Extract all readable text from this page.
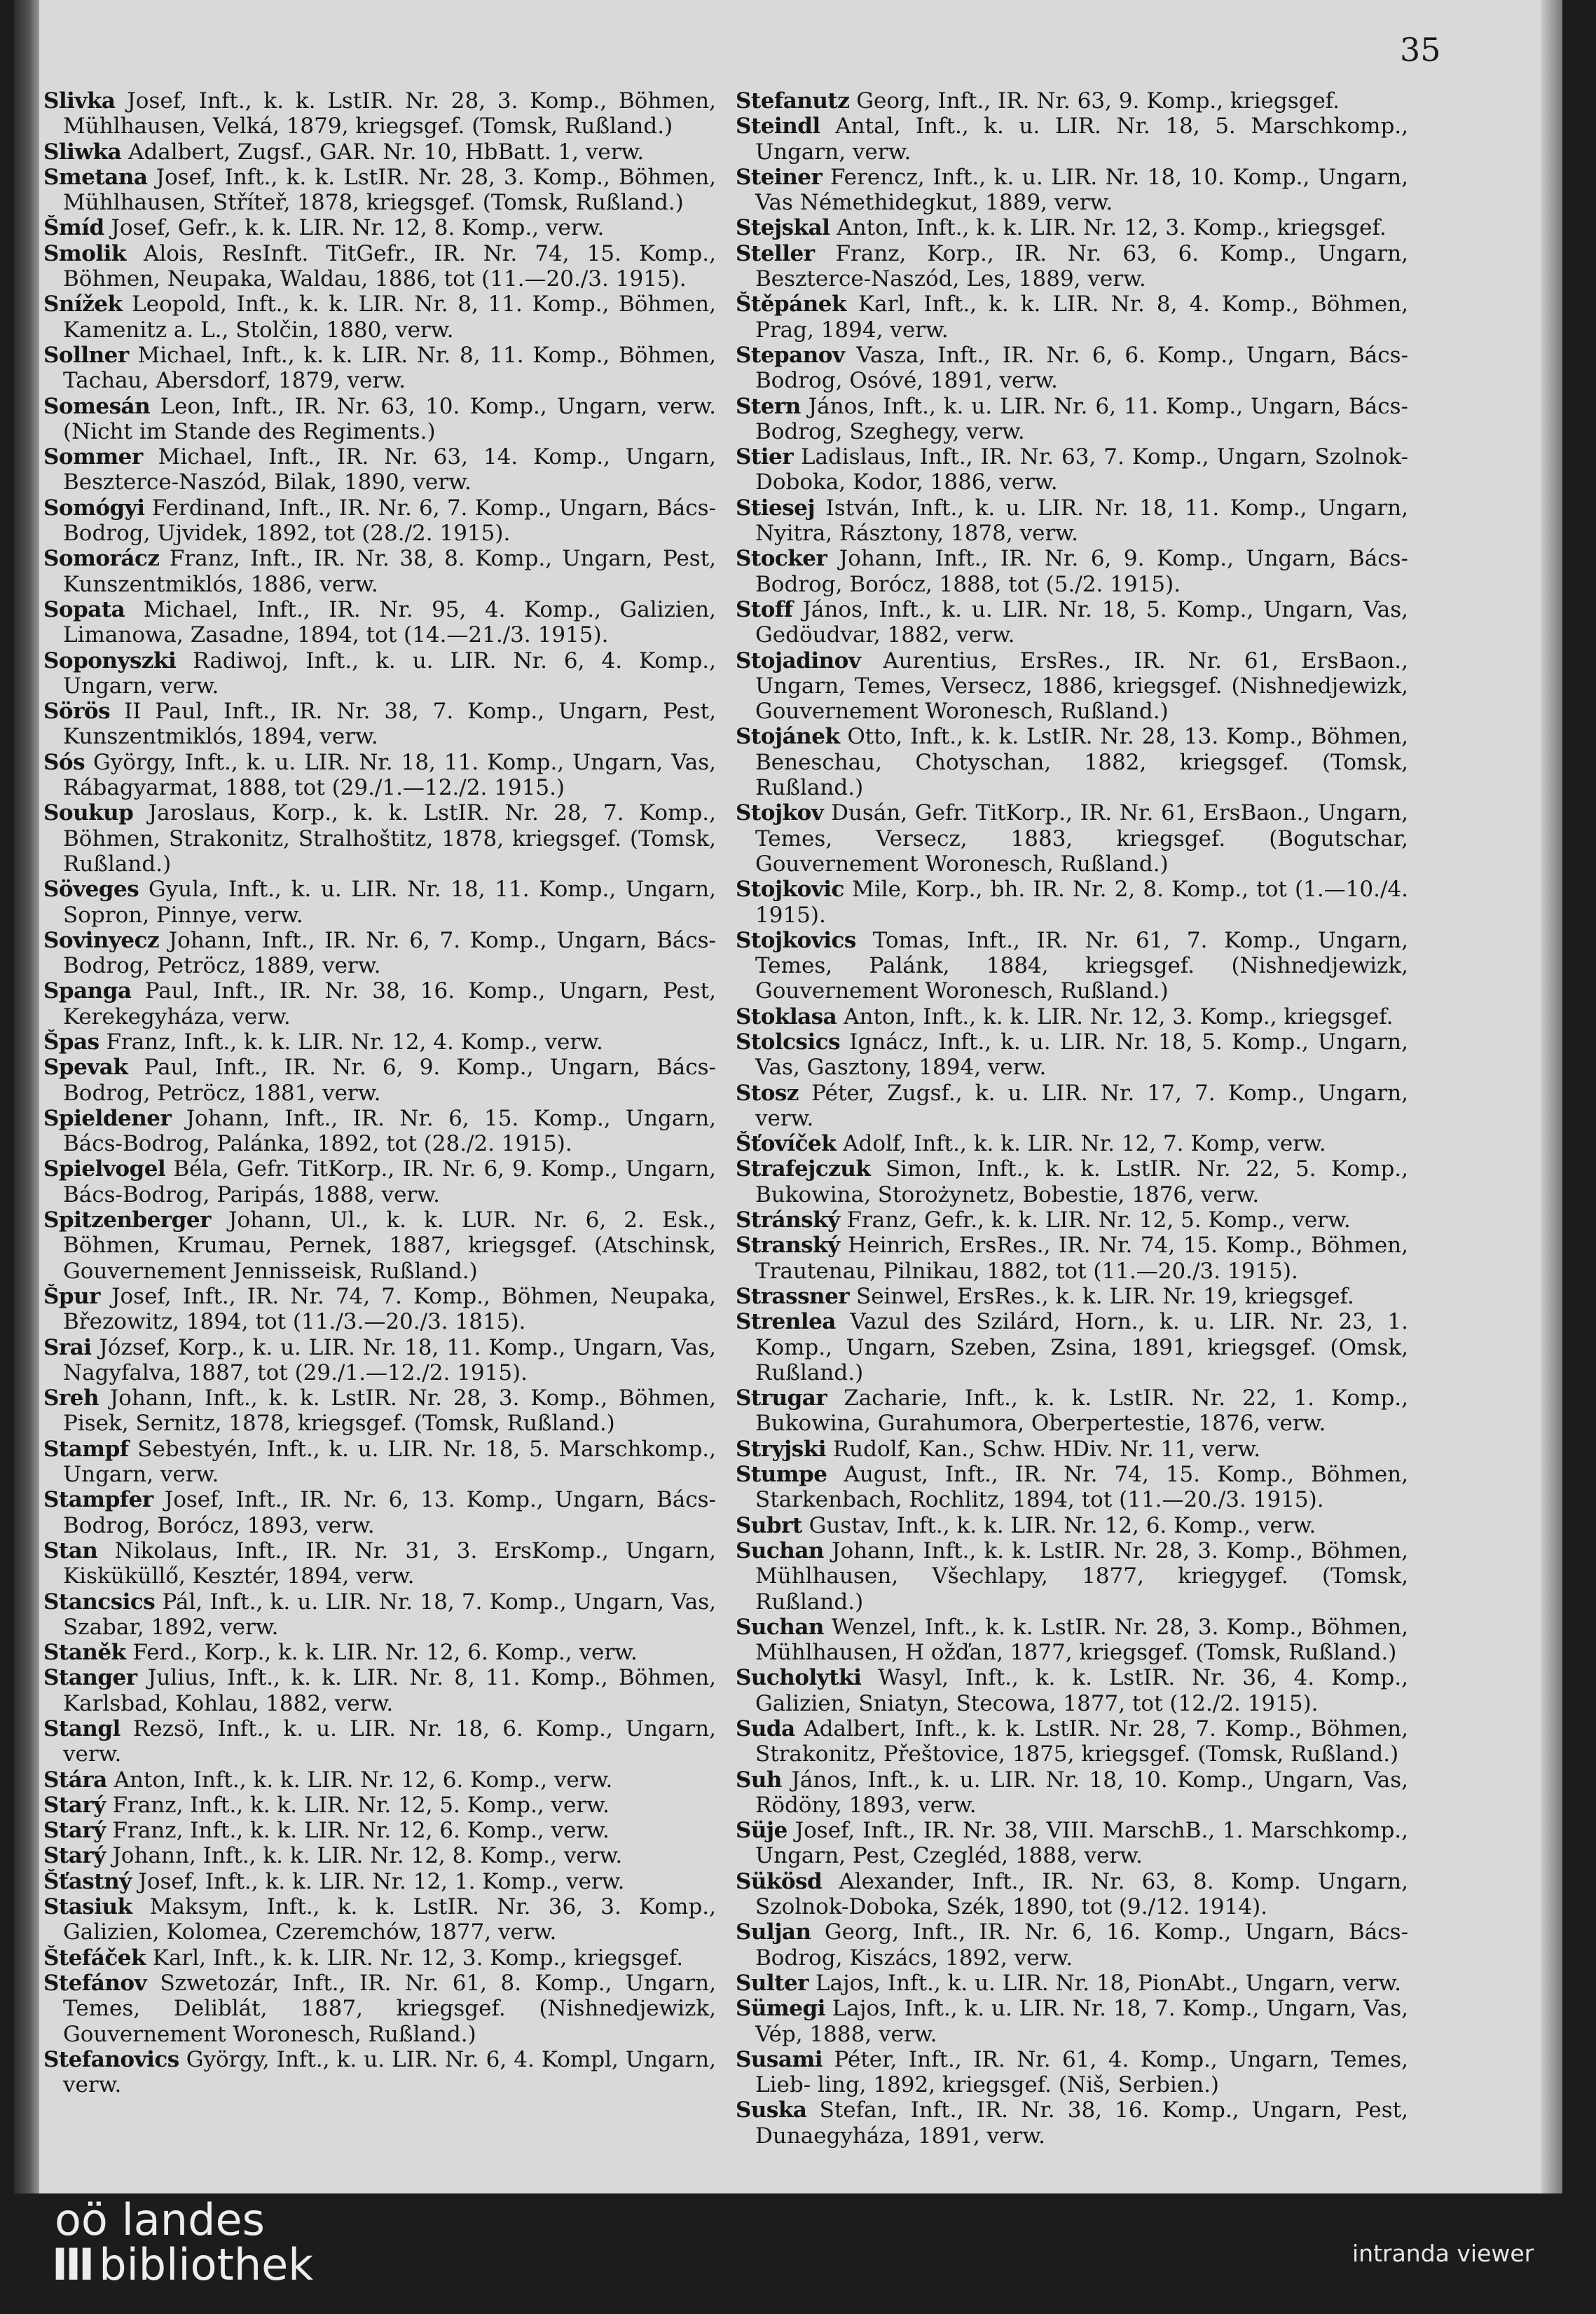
35

Slivka Josef, Inft., k. k. LstIR. Nr. 28, 3. Komp., Böhmen, Mühlhausen, Velká, 1879, kriegsgef. (Tomsk, Rußland.)

Sliwka Adalbert, Zugsf., GAR. Nr. 10, HbBatt. 1, verw.

Smetana Josef, Inft., k. k. LstIR. Nr. 28, 3. Komp., Böhmen, Mühlhausen, Stříteř, 1878, kriegsgef. (Tomsk, Rußland.)

Šmíd Josef, Gefr., k. k. LIR. Nr. 12, 8. Komp., verw.

Smolik Alois, ResInft. TitGefr., IR. Nr. 74, 15. Komp., Böhmen, Neupaka, Waldau, 1886, tot (11.—20./3. 1915).

Snížek Leopold, Inft., k. k. LIR. Nr. 8, 11. Komp., Böhmen, Kamenitz a. L., Stolčin, 1880, verw.

Sollner Michael, Inft., k. k. LIR. Nr. 8, 11. Komp., Böhmen, Tachau, Abersdorf, 1879, verw.

Somesán Leon, Inft., IR. Nr. 63, 10. Komp., Ungarn, verw. (Nicht im Stande des Regiments.)

Sommer Michael, Inft., IR. Nr. 63, 14. Komp., Ungarn, Beszterce-Naszód, Bilak, 1890, verw.

Somógyi Ferdinand, Inft., IR. Nr. 6, 7. Komp., Ungarn, Bács-Bodrog, Ujvidek, 1892, tot (28./2. 1915).

Somorácz Franz, Inft., IR. Nr. 38, 8. Komp., Ungarn, Pest, Kunszentmiklós, 1886, verw.

Sopata Michael, Inft., IR. Nr. 95, 4. Komp., Galizien, Limanowa, Zasadne, 1894, tot (14.—21./3. 1915).

Soponyszki Radiwoj, Inft., k. u. LIR. Nr. 6, 4. Komp., Ungarn, verw.

Sörös II Paul, Inft., IR. Nr. 38, 7. Komp., Ungarn, Pest, Kunszentmiklós, 1894, verw.

Sós György, Inft., k. u. LIR. Nr. 18, 11. Komp., Ungarn, Vas, Rábagyarmat, 1888, tot (29./1.—12./2. 1915.)

Soukup Jaroslaus, Korp., k. k. LstIR. Nr. 28, 7. Komp., Böhmen, Strakonitz, Stralhoštitz, 1878, kriegsgef. (Tomsk, Rußland.)

Söveges Gyula, Inft., k. u. LIR. Nr. 18, 11. Komp., Ungarn, Sopron, Pinnye, verw.

Sovinyecz Johann, Inft., IR. Nr. 6, 7. Komp., Ungarn, Bács-Bodrog, Petröcz, 1889, verw.

Spanga Paul, Inft., IR. Nr. 38, 16. Komp., Ungarn, Pest, Kerekegyháza, verw.

Špas Franz, Inft., k. k. LIR. Nr. 12, 4. Komp., verw.

Spevak Paul, Inft., IR. Nr. 6, 9. Komp., Ungarn, Bács-Bodrog, Petröcz, 1881, verw.

Spieldener Johann, Inft., IR. Nr. 6, 15. Komp., Ungarn, Bács-Bodrog, Palánka, 1892, tot (28./2. 1915).

Spielvogel Béla, Gefr. TitKorp., IR. Nr. 6, 9. Komp., Ungarn, Bács-Bodrog, Paripás, 1888, verw.

Spitzenberger Johann, Ul., k. k. LUR. Nr. 6, 2. Esk., Böhmen, Krumau, Pernek, 1887, kriegsgef. (Atschinsk, Gouvernement Jennisseisk, Rußland.)

Špur Josef, Inft., IR. Nr. 74, 7. Komp., Böhmen, Neupaka, Březowitz, 1894, tot (11./3.—20./3. 1815).

Srai József, Korp., k. u. LIR. Nr. 18, 11. Komp., Ungarn, Vas, Nagyfalva, 1887, tot (29./1.—12./2. 1915).

Sreh Johann, Inft., k. k. LstIR. Nr. 28, 3. Komp., Böhmen, Pisek, Sernitz, 1878, kriegsgef. (Tomsk, Rußland.)

Stampf Sebestyén, Inft., k. u. LIR. Nr. 18, 5. Marschkomp., Ungarn, verw.

Stampfer Josef, Inft., IR. Nr. 6, 13. Komp., Ungarn, Bács-Bodrog, Borócz, 1893, verw.

Stan Nikolaus, Inft., IR. Nr. 31, 3. ErsKomp., Ungarn, Kisküküllő, Kesztér, 1894, verw.

Stancsics Pál, Inft., k. u. LIR. Nr. 18, 7. Komp., Ungarn, Vas, Szabar, 1892, verw.

Staněk Ferd., Korp., k. k. LIR. Nr. 12, 6. Komp., verw.

Stanger Julius, Inft., k. k. LIR. Nr. 8, 11. Komp., Böhmen, Karlsbad, Kohlau, 1882, verw.

Stangl Rezsö, Inft., k. u. LIR. Nr. 18, 6. Komp., Ungarn, verw.

Stára Anton, Inft., k. k. LIR. Nr. 12, 6. Komp., verw.

Starý Franz, Inft., k. k. LIR. Nr. 12, 5. Komp., verw.

Starý Franz, Inft., k. k. LIR. Nr. 12, 6. Komp., verw.

Starý Johann, Inft., k. k. LIR. Nr. 12, 8. Komp., verw.

Šťastný Josef, Inft., k. k. LIR. Nr. 12, 1. Komp., verw.

Stasiuk Maksym, Inft., k. k. LstIR. Nr. 36, 3. Komp., Galizien, Kolomea, Czeremchów, 1877, verw.

Štefáček Karl, Inft., k. k. LIR. Nr. 12, 3. Komp., kriegsgef.

Stefánov Szwetozár, Inft., IR. Nr. 61, 8. Komp., Ungarn, Temes, Deliblát, 1887, kriegsgef. (Nishnedjewizk, Gouvernement Woronesch, Rußland.)

Stefanovics György, Inft., k. u. LIR. Nr. 6, 4. Kompl, Ungarn, verw.

Stefanutz Georg, Inft., IR. Nr. 63, 9. Komp., kriegsgef.

Steindl Antal, Inft., k. u. LIR. Nr. 18, 5. Marschkomp., Ungarn, verw.

Steiner Ferencz, Inft., k. u. LIR. Nr. 18, 10. Komp., Ungarn, Vas Némethidegkut, 1889, verw.

Stejskal Anton, Inft., k. k. LIR. Nr. 12, 3. Komp., kriegsgef.

Steller Franz, Korp., IR. Nr. 63, 6. Komp., Ungarn, Beszterce-Naszód, Les, 1889, verw.

Štěpánek Karl, Inft., k. k. LIR. Nr. 8, 4. Komp., Böhmen, Prag, 1894, verw.

Stepanov Vasza, Inft., IR. Nr. 6, 6. Komp., Ungarn, Bács-Bodrog, Osóvé, 1891, verw.

Stern János, Inft., k. u. LIR. Nr. 6, 11. Komp., Ungarn, Bács-Bodrog, Szeghegy, verw.

Stier Ladislaus, Inft., IR. Nr. 63, 7. Komp., Ungarn, Szolnok-Doboka, Kodor, 1886, verw.

Stiesej István, Inft., k. u. LIR. Nr. 18, 11. Komp., Ungarn, Nyitra, Rásztony, 1878, verw.

Stocker Johann, Inft., IR. Nr. 6, 9. Komp., Ungarn, Bács-Bodrog, Borócz, 1888, tot (5./2. 1915).

Stoff János, Inft., k. u. LIR. Nr. 18, 5. Komp., Ungarn, Vas, Gedöudvar, 1882, verw.

Stojadinov Aurentius, ErsRes., IR. Nr. 61, ErsBaon., Ungarn, Temes, Versecz, 1886, kriegsgef. (Nishnedjewizk, Gouvernement Woronesch, Rußland.)

Stojánek Otto, Inft., k. k. LstIR. Nr. 28, 13. Komp., Böhmen, Beneschau, Chotyschan, 1882, kriegsgef. (Tomsk, Rußland.)

Stojkov Dusán, Gefr. TitKorp., IR. Nr. 61, ErsBaon., Ungarn, Temes, Versecz, 1883, kriegsgef. (Bogutschar, Gouvernement Woronesch, Rußland.)

Stojkovic Mile, Korp., bh. IR. Nr. 2, 8. Komp., tot (1.—10./4. 1915).

Stojkovics Tomas, Inft., IR. Nr. 61, 7. Komp., Ungarn, Temes, Palánk, 1884, kriegsgef. (Nishnedjewizk, Gouvernement Woronesch, Rußland.)

Stoklasa Anton, Inft., k. k. LIR. Nr. 12, 3. Komp., kriegsgef.

Stolcsics Ignácz, Inft., k. u. LIR. Nr. 18, 5. Komp., Ungarn, Vas, Gasztony, 1894, verw.

Stosz Péter, Zugsf., k. u. LIR. Nr. 17, 7. Komp., Ungarn, verw.

Šťovíček Adolf, Inft., k. k. LIR. Nr. 12, 7. Komp, verw.

Strafejczuk Simon, Inft., k. k. LstIR. Nr. 22, 5. Komp., Bukowina, Storożynetz, Bobestie, 1876, verw.

Stránský Franz, Gefr., k. k. LIR. Nr. 12, 5. Komp., verw.

Stranský Heinrich, ErsRes., IR. Nr. 74, 15. Komp., Böhmen, Trautenau, Pilnikau, 1882, tot (11.—20./3. 1915).

Strassner Seinwel, ErsRes., k. k. LIR. Nr. 19, kriegsgef.

Strenlea Vazul des Szilárd, Horn., k. u. LIR. Nr. 23, 1. Komp., Ungarn, Szeben, Zsina, 1891, kriegsgef. (Omsk, Rußland.)

Strugar Zacharie, Inft., k. k. LstIR. Nr. 22, 1. Komp., Bukowina, Gurahumora, Oberpertestie, 1876, verw.

Stryjski Rudolf, Kan., Schw. HDiv. Nr. 11, verw.

Stumpe August, Inft., IR. Nr. 74, 15. Komp., Böhmen, Starkenbach, Rochlitz, 1894, tot (11.—20./3. 1915).

Subrt Gustav, Inft., k. k. LIR. Nr. 12, 6. Komp., verw.

Suchan Johann, Inft., k. k. LstIR. Nr. 28, 3. Komp., Böhmen, Mühlhausen, Všechlapy, 1877, kriegygef. (Tomsk, Rußland.)

Suchan Wenzel, Inft., k. k. LstIR. Nr. 28, 3. Komp., Böhmen, Mühlhausen, H ožďan, 1877, kriegsgef. (Tomsk, Rußland.)

Sucholytki Wasyl, Inft., k. k. LstIR. Nr. 36, 4. Komp., Galizien, Sniatyn, Stecowa, 1877, tot (12./2. 1915).

Suda Adalbert, Inft., k. k. LstIR. Nr. 28, 7. Komp., Böhmen, Strakonitz, Přeštovice, 1875, kriegsgef. (Tomsk, Rußland.)

Suh János, Inft., k. u. LIR. Nr. 18, 10. Komp., Ungarn, Vas, Rödöny, 1893, verw.

Süje Josef, Inft., IR. Nr. 38, VIII. MarschB., 1. Marschkomp., Ungarn, Pest, Czegléd, 1888, verw.

Sükösd Alexander, Inft., IR. Nr. 63, 8. Komp. Ungarn, Szolnok-Doboka, Szék, 1890, tot (9./12. 1914).

Suljan Georg, Inft., IR. Nr. 6, 16. Komp., Ungarn, Bács-Bodrog, Kiszács, 1892, verw.

Sulter Lajos, Inft., k. u. LIR. Nr. 18, PionAbt., Ungarn, verw.

Sümegi Lajos, Inft., k. u. LIR. Nr. 18, 7. Komp., Ungarn, Vas, Vép, 1888, verw.

Susami Péter, Inft., IR. Nr. 61, 4. Komp., Ungarn, Temes, Lieb- ling, 1892, kriegsgef. (Niš, Serbien.)

Suska Stefan, Inft., IR. Nr. 38, 16. Komp., Ungarn, Pest, Dunaegyháza, 1891, verw.

oö landes
III bibliothek	intranda viewer
